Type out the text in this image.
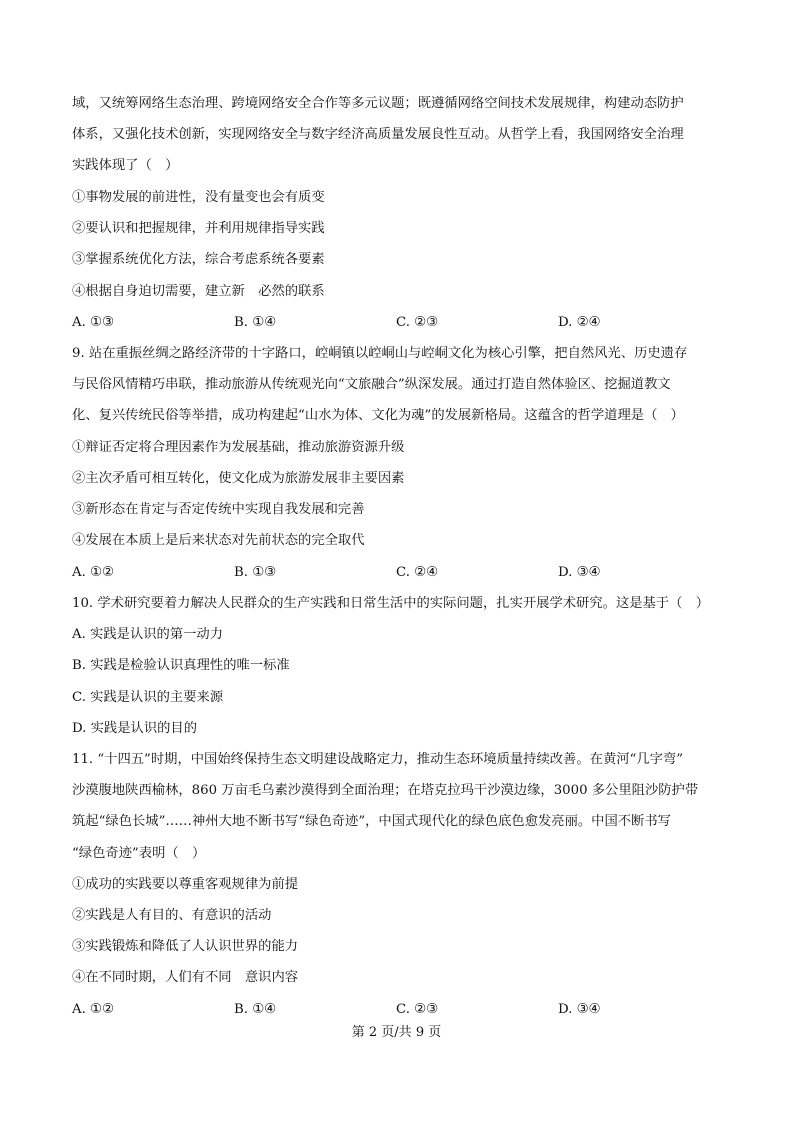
域，又统筹网络生态治理、跨境网络安全合作等多元议题；既遵循网络空间技术发展规律，构建动态防护
体系，又强化技术创新，实现网络安全与数字经济高质量发展良性互动。从哲学上看，我国网络安全治理
实践体现了（　）
①事物发展的前进性，没有量变也会有质变
②要认识和把握规律，并利用规律指导实践
③掌握系统优化方法，综合考虑系统各要素
④根据自身迫切需要，建立新　必然的联系
A. ①③	B. ①④	C. ②③	D. ②④
9. 站在重振丝绸之路经济带的十字路口，崆峒镇以崆峒山与崆峒文化为核心引擎，把自然风光、历史遗存
与民俗风情精巧串联，推动旅游从传统观光向“文旅融合”纵深发展。通过打造自然体验区、挖掘道教文
化、复兴传统民俗等举措，成功构建起“山水为体、文化为魂”的发展新格局。这蕴含的哲学道理是（　）
①辩证否定将合理因素作为发展基础，推动旅游资源升级
②主次矛盾可相互转化，使文化成为旅游发展非主要因素
③新形态在肯定与否定传统中实现自我发展和完善
④发展在本质上是后来状态对先前状态的完全取代
A. ①②	B. ①③	C. ②④	D. ③④
10. 学术研究要着力解决人民群众的生产实践和日常生活中的实际问题，扎实开展学术研究。这是基于（　）
A. 实践是认识的第一动力
B. 实践是检验认识真理性的唯一标准
C. 实践是认识的主要来源
D. 实践是认识的目的
11. “十四五”时期，中国始终保持生态文明建设战略定力，推动生态环境质量持续改善。在黄河“几字弯”
沙漠腹地陕西榆林，860 万亩毛乌素沙漠得到全面治理；在塔克拉玛干沙漠边缘，3000 多公里阻沙防护带
筑起“绿色长城”……神州大地不断书写“绿色奇迹”，中国式现代化的绿色底色愈发亮丽。中国不断书写
“绿色奇迹”表明（　）
①成功的实践要以尊重客观规律为前提
②实践是人有目的、有意识的活动
③实践锻炼和降低了人认识世界的能力
④在不同时期，人们有不同　意识内容
A. ①②	B. ①④	C. ②③	D. ③④
第 2 页/共 9 页
